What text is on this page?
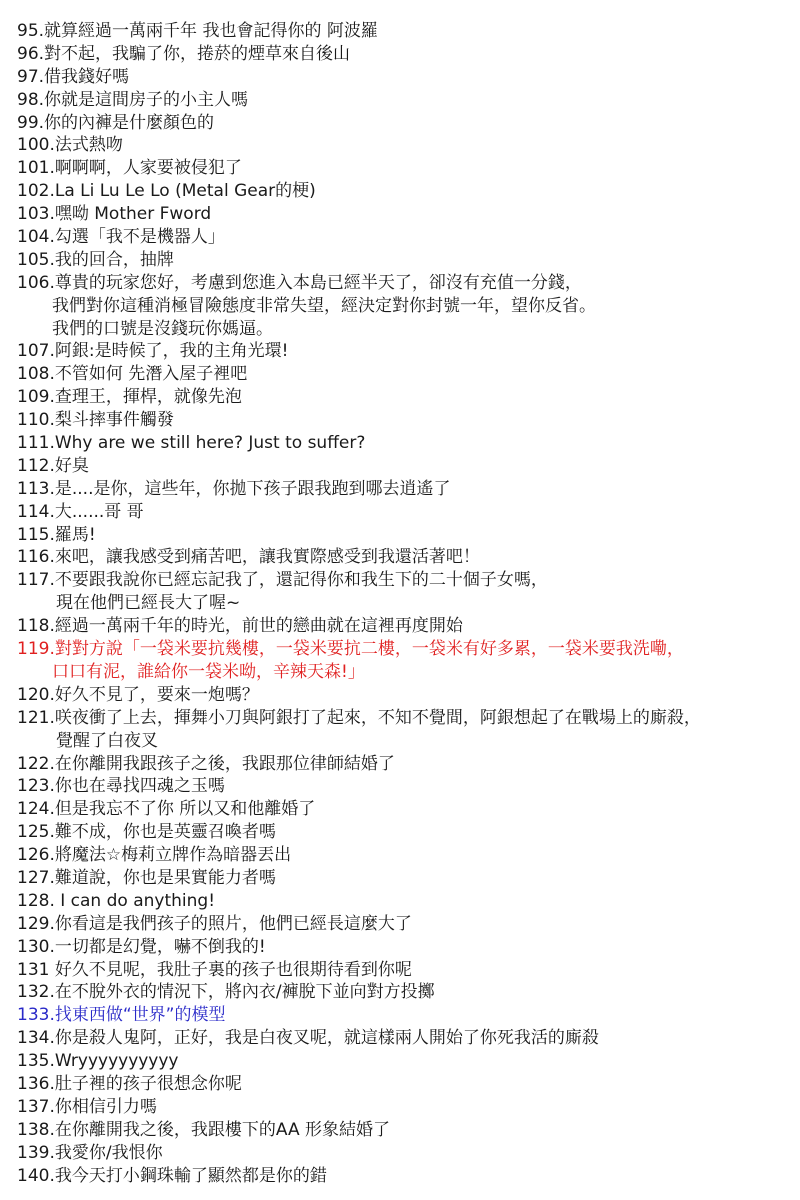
95.就算經過一萬兩千年 我也會記得你的 阿波羅
96.對不起，我騙了你，捲菸的煙草來自後山
97.借我錢好嗎
98.你就是這間房子的小主人嗎
99.你的內褲是什麼顏色的
100.法式熱吻
101.啊啊啊，人家要被侵犯了
102.La Li Lu Le Lo (Metal Gear的梗)
103.嘿呦 Mother Fword
104.勾選「我不是機器人」
105.我的回合，抽牌
106.尊貴的玩家您好，考慮到您進入本島已經半天了，卻沒有充值一分錢，
我們對你這種消極冒險態度非常失望，經決定對你封號一年，望你反省。
我們的口號是沒錢玩你媽逼。
107.阿銀:是時候了，我的主角光環!
108.不管如何 先潛入屋子裡吧
109.查理王，揮桿，就像先泡
110.梨斗摔事件觸發
111.Why are we still here? Just to suffer?
112.好臭
113.是....是你，這些年，你拋下孩子跟我跑到哪去逍遙了
114.大......哥 哥
115.羅馬!
116.來吧，讓我感受到痛苦吧，讓我實際感受到我還活著吧！
117.不要跟我說你已經忘記我了，還記得你和我生下的二十個子女嗎，
現在他們已經長大了喔~
118.經過一萬兩千年的時光，前世的戀曲就在這裡再度開始
119.對對方說「一袋米要抗幾樓，一袋米要抗二樓，一袋米有好多累，一袋米要我洗嘞，
口口有泥，誰給你一袋米呦，辛辣天森!」
120.好久不見了，要來一炮嗎？
121.咲夜衝了上去，揮舞小刀與阿銀打了起來，不知不覺間，阿銀想起了在戰場上的廝殺，
覺醒了白夜叉
122.在你離開我跟孩子之後，我跟那位律師結婚了
123.你也在尋找四魂之玉嗎
124.但是我忘不了你 所以又和他離婚了
125.難不成，你也是英靈召喚者嗎
126.將魔法☆梅莉立牌作為暗器丟出
127.難道說，你也是果實能力者嗎
128. I can do anything!
129.你看這是我們孩子的照片，他們已經長這麼大了
130.一切都是幻覺，嚇不倒我的!
131 好久不見呢，我肚子裏的孩子也很期待看到你呢
132.在不脫外衣的情況下，將內衣/褲脫下並向對方投擲
133.找東西做“世界”的模型
134.你是殺人鬼阿，正好，我是白夜叉呢，就這樣兩人開始了你死我活的廝殺
135.Wryyyyyyyyyy
136.肚子裡的孩子很想念你呢
137.你相信引力嗎
138.在你離開我之後，我跟樓下的AA 形象結婚了
139.我愛你/我恨你
140.我今天打小鋼珠輸了顯然都是你的錯
